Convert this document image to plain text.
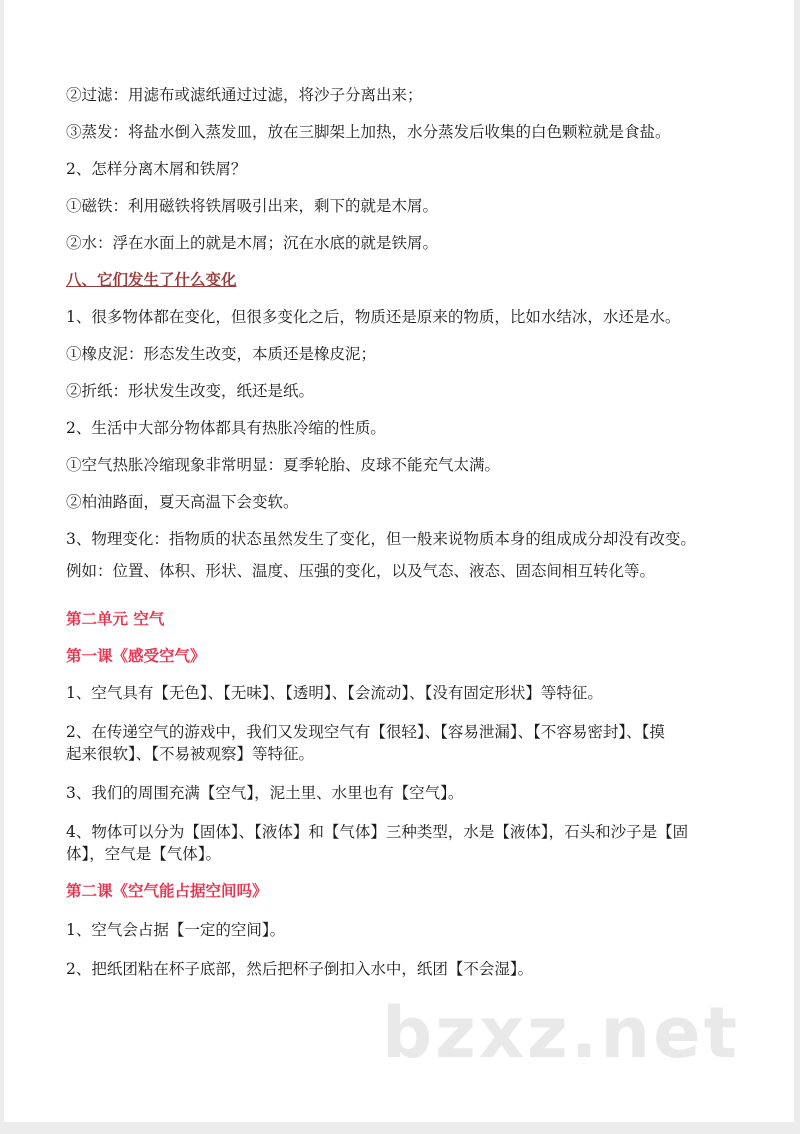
②过滤：用滤布或滤纸通过过滤，将沙子分离出来；

③蒸发：将盐水倒入蒸发皿，放在三脚架上加热，水分蒸发后收集的白色颗粒就是食盐。

2、怎样分离木屑和铁屑？

①磁铁：利用磁铁将铁屑吸引出来，剩下的就是木屑。

②水：浮在水面上的就是木屑；沉在水底的就是铁屑。

八、它们发生了什么变化

1、很多物体都在变化，但很多变化之后，物质还是原来的物质，比如水结冰，水还是水。

①橡皮泥：形态发生改变，本质还是橡皮泥；

②折纸：形状发生改变，纸还是纸。

2、生活中大部分物体都具有热胀冷缩的性质。

①空气热胀冷缩现象非常明显：夏季轮胎、皮球不能充气太满。

②柏油路面，夏天高温下会变软。

3、物理变化：指物质的状态虽然发生了变化，但一般来说物质本身的组成成分却没有改变。

例如：位置、体积、形状、温度、压强的变化，以及气态、液态、固态间相互转化等。

第二单元 空气

第一课《感受空气》

1、空气具有【无色】、【无味】、【透明】、【会流动】、【没有固定形状】等特征。

2、在传递空气的游戏中，我们又发现空气有【很轻】、【容易泄漏】、【不容易密封】、【摸

起来很软】、【不易被观察】等特征。

3、我们的周围充满【空气】，泥土里、水里也有【空气】。

4、物体可以分为【固体】、【液体】和【气体】三种类型，水是【液体】，石头和沙子是【固

体】，空气是【气体】。

第二课《空气能占据空间吗》

1、空气会占据【一定的空间】。

2、把纸团粘在杯子底部，然后把杯子倒扣入水中，纸团【不会湿】。

bzxz.net
